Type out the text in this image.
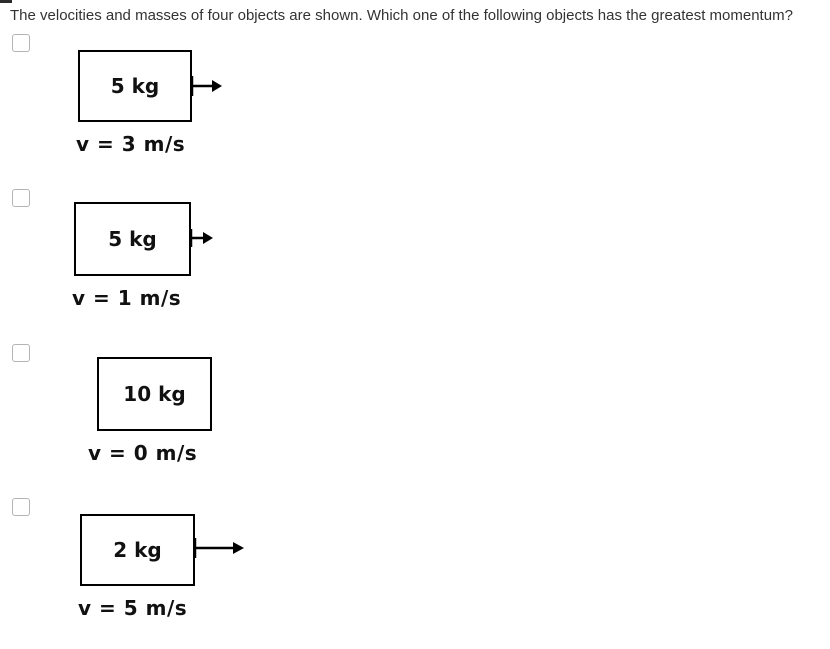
The velocities and masses of four objects are shown. Which one of the following objects has the greatest momentum?
5 kg
v = 3 m/s
5 kg
v = 1 m/s
10 kg
v = 0 m/s
2 kg
v = 5 m/s
